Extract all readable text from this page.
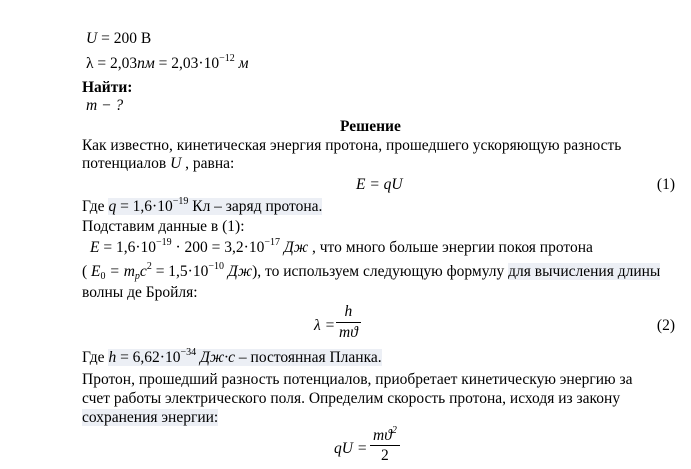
U = 200 В
$\lambda = 2,03пм = 2,03\cdot 10^{-12}$ м
Найти:
m − ?
Решение
Как известно, кинетическая энергия протона, прошедшего ускоряющую разность
потенциалов U , равна:
E = qU	(1)
Где $q = 1,6\cdot 10^{-19}$ Кл – заряд протона.
Подставим данные в (1):
$E = 1,6\cdot 10^{-19} \cdot 200 = 3,2\cdot 10^{-17}$ Дж , что много больше энергии покоя протона
( $E_0 = m_pc^2 = 1,5\cdot 10^{-10}$ Дж), то используем следующую формулу для вычисления длины
волны де Бройля:
λ =
h
mϑ	(2)
Где $h = 6,62\cdot 10^{-34}$ Дж·c – постоянная Планка.
Протон, прошедший разность потенциалов, приобретает кинетическую энергию за
счет работы электрического поля. Определим скорость протона, исходя из закону
сохранения энергии:
qU =
$mϑ^2$
2
